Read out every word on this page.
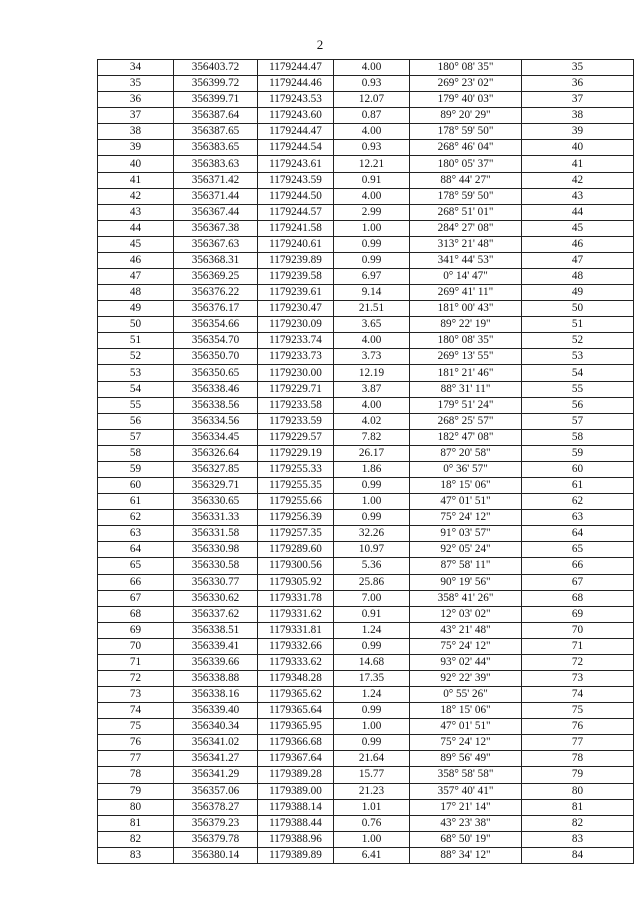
2
34	356403.72	1179244.47	4.00	180° 08' 35"	35
35	356399.72	1179244.46	0.93	269° 23' 02"	36
36	356399.71	1179243.53	12.07	179° 40' 03"	37
37	356387.64	1179243.60	0.87	89° 20' 29"	38
38	356387.65	1179244.47	4.00	178° 59' 50"	39
39	356383.65	1179244.54	0.93	268° 46' 04"	40
40	356383.63	1179243.61	12.21	180° 05' 37"	41
41	356371.42	1179243.59	0.91	88° 44' 27"	42
42	356371.44	1179244.50	4.00	178° 59' 50"	43
43	356367.44	1179244.57	2.99	268° 51' 01"	44
44	356367.38	1179241.58	1.00	284° 27' 08"	45
45	356367.63	1179240.61	0.99	313° 21' 48"	46
46	356368.31	1179239.89	0.99	341° 44' 53"	47
47	356369.25	1179239.58	6.97	0° 14' 47"	48
48	356376.22	1179239.61	9.14	269° 41' 11"	49
49	356376.17	1179230.47	21.51	181° 00' 43"	50
50	356354.66	1179230.09	3.65	89° 22' 19"	51
51	356354.70	1179233.74	4.00	180° 08' 35"	52
52	356350.70	1179233.73	3.73	269° 13' 55"	53
53	356350.65	1179230.00	12.19	181° 21' 46"	54
54	356338.46	1179229.71	3.87	88° 31' 11"	55
55	356338.56	1179233.58	4.00	179° 51' 24"	56
56	356334.56	1179233.59	4.02	268° 25' 57"	57
57	356334.45	1179229.57	7.82	182° 47' 08"	58
58	356326.64	1179229.19	26.17	87° 20' 58"	59
59	356327.85	1179255.33	1.86	0° 36' 57"	60
60	356329.71	1179255.35	0.99	18° 15' 06"	61
61	356330.65	1179255.66	1.00	47° 01' 51"	62
62	356331.33	1179256.39	0.99	75° 24' 12"	63
63	356331.58	1179257.35	32.26	91° 03' 57"	64
64	356330.98	1179289.60	10.97	92° 05' 24"	65
65	356330.58	1179300.56	5.36	87° 58' 11"	66
66	356330.77	1179305.92	25.86	90° 19' 56"	67
67	356330.62	1179331.78	7.00	358° 41' 26"	68
68	356337.62	1179331.62	0.91	12° 03' 02"	69
69	356338.51	1179331.81	1.24	43° 21' 48"	70
70	356339.41	1179332.66	0.99	75° 24' 12"	71
71	356339.66	1179333.62	14.68	93° 02' 44"	72
72	356338.88	1179348.28	17.35	92° 22' 39"	73
73	356338.16	1179365.62	1.24	0° 55' 26"	74
74	356339.40	1179365.64	0.99	18° 15' 06"	75
75	356340.34	1179365.95	1.00	47° 01' 51"	76
76	356341.02	1179366.68	0.99	75° 24' 12"	77
77	356341.27	1179367.64	21.64	89° 56' 49"	78
78	356341.29	1179389.28	15.77	358° 58' 58"	79
79	356357.06	1179389.00	21.23	357° 40' 41"	80
80	356378.27	1179388.14	1.01	17° 21' 14"	81
81	356379.23	1179388.44	0.76	43° 23' 38"	82
82	356379.78	1179388.96	1.00	68° 50' 19"	83
83	356380.14	1179389.89	6.41	88° 34' 12"	84
